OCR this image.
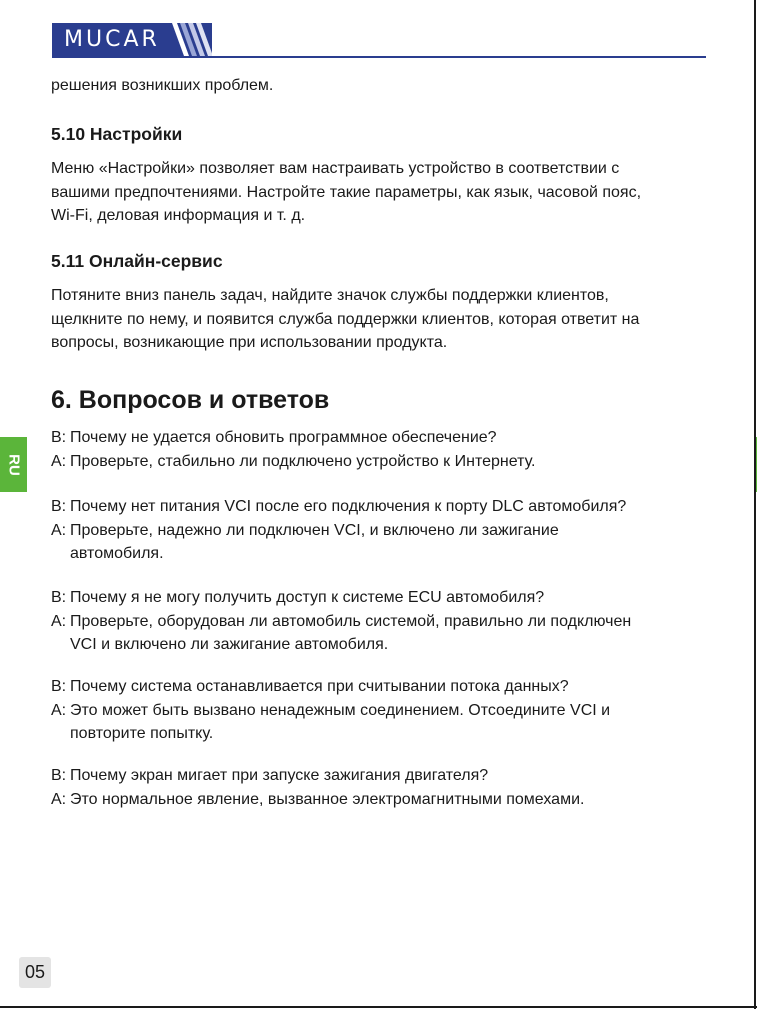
MUCAR

решения возникших проблем.

5.10 Настройки
Меню «Настройки» позволяет вам настраивать устройство в соответствии с
вашими предпочтениями. Настройте такие параметры, как язык, часовой пояс,
Wi-Fi, деловая информация и т. д.
5.11 Онлайн-сервис
Потяните вниз панель задач, найдите значок службы поддержки клиентов,
щелкните по нему, и появится служба поддержки клиентов, которая ответит на
вопросы, возникающие при использовании продукта.
6. Вопросов и ответов
B: Почему не удается обновить программное обеспечение?
A: Проверьте, стабильно ли подключено устройство к Интернету.
B: Почему нет питания VCI после его подключения к порту DLC автомобиля?
A: Проверьте, надежно ли подключен VCI, и включено ли зажигание
автомобиля.
B: Почему я не могу получить доступ к системе ECU автомобиля?
A: Проверьте, оборудован ли автомобиль системой, правильно ли подключен
VCI и включено ли зажигание автомобиля.
B: Почему система останавливается при считывании потока данных?
A: Это может быть вызвано ненадежным соединением. Отсоедините VCI и
повторите попытку.
B: Почему экран мигает при запуске зажигания двигателя?
A: Это нормальное явление, вызванное электромагнитными помехами.
RU
05
